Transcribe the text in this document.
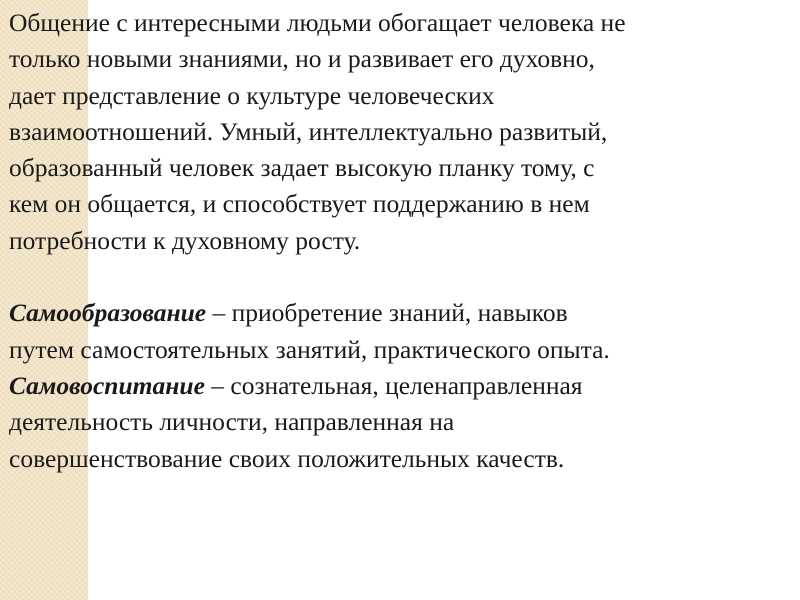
Общение с интересными людьми обогащает человека не
только новыми знаниями, но и развивает его духовно,
дает представление о культуре человеческих
взаимоотношений. Умный, интеллектуально развитый,
образованный человек задает высокую планку тому, с
кем он общается, и способствует поддержанию в нем
потребности к духовному росту.
Самообразование – приобретение знаний, навыков
путем самостоятельных занятий, практического опыта.
Самовоспитание – сознательная, целенаправленная
деятельность личности, направленная на
совершенствование своих положительных качеств.
